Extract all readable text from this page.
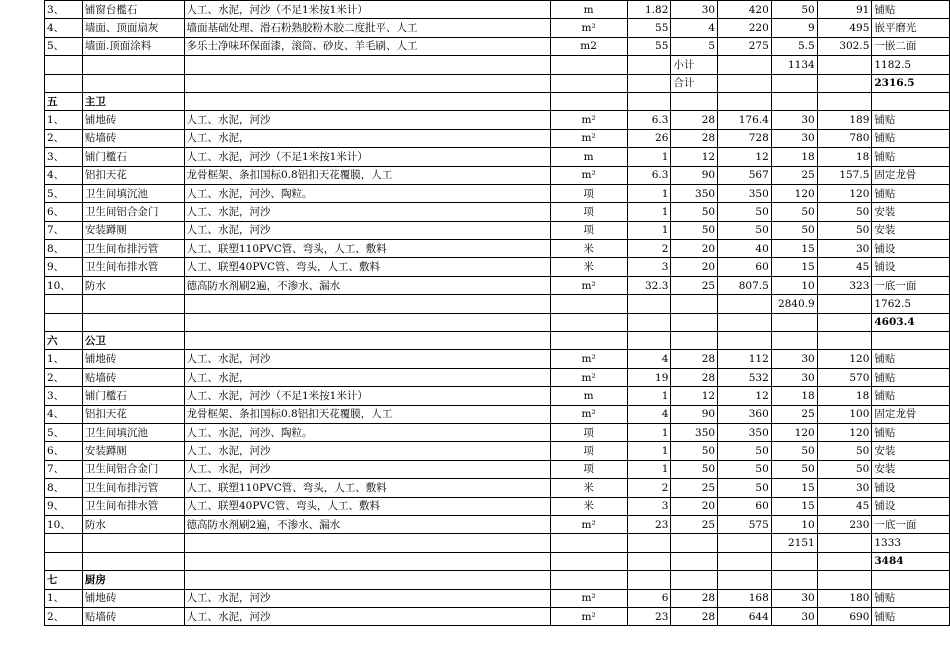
3、	铺窗台檻石	人工、水泥，河沙（不足1米按1米计）	m	1.82	30	420	50	91	铺贴
4、	墙面、顶面扇灰	墙面基础处理、滑石粉熟胶粉木胶二度批平、人工	m²	55	4	220	9	495	嵌平磨光
5、	墙面.顶面涂料	多乐士净味环保面漆，滚筒、砂皮、羊毛刷、人工	m2	55	5	275	5.5	302.5	一嵌二面
					小计		1134		1182.5
					合计				2316.5
五	主卫								
1、	铺地砖	人工、水泥，河沙	m²	6.3	28	176.4	30	189	铺贴
2、	贴墙砖	人工、水泥，	m²	26	28	728	30	780	铺贴
3、	铺门檻石	人工、水泥，河沙（不足1米按1米计）	m	1	12	12	18	18	铺贴
4、	铝扣天花	龙骨框架、条扣国标0.8铝扣天花覆膜，人工	m²	6.3	90	567	25	157.5	固定龙骨
5、	卫生间填沉池	人工、水泥，河沙、陶粒。	项	1	350	350	120	120	铺贴
6、	卫生间铝合金门	人工、水泥，河沙	项	1	50	50	50	50	安装
7、	安装蹲厕	人工、水泥，河沙	项	1	50	50	50	50	安装
8、	卫生间布排污管	人工、联塑110PVC管、弯头，人工、敷料	米	2	20	40	15	30	铺设
9、	卫生间布排水管	人工、联塑40PVC管、弯头，人工、敷料	米	3	20	60	15	45	铺设
10、	防水	德高防水剂刷2遍，不渗水、漏水	m²	32.3	25	807.5	10	323	一底一面
							2840.9		1762.5
									4603.4
六	公卫								
1、	铺地砖	人工、水泥，河沙	m²	4	28	112	30	120	铺贴
2、	贴墙砖	人工、水泥，	m²	19	28	532	30	570	铺贴
3、	铺门檻石	人工、水泥，河沙（不足1米按1米计）	m	1	12	12	18	18	铺贴
4、	铝扣天花	龙骨框架、条扣国标0.8铝扣天花覆膜，人工	m²	4	90	360	25	100	固定龙骨
5、	卫生间填沉池	人工、水泥，河沙、陶粒。	项	1	350	350	120	120	铺贴
6、	安装蹲厕	人工、水泥，河沙	项	1	50	50	50	50	安装
7、	卫生间铝合金门	人工、水泥，河沙	项	1	50	50	50	50	安装
8、	卫生间布排污管	人工、联塑110PVC管、弯头，人工、敷料	米	2	25	50	15	30	铺设
9、	卫生间布排水管	人工、联塑40PVC管、弯头，人工、敷料	米	3	20	60	15	45	铺设
10、	防水	德高防水剂刷2遍，不渗水、漏水	m²	23	25	575	10	230	一底一面
							2151		1333
									3484
七	厨房								
1、	铺地砖	人工、水泥，河沙	m²	6	28	168	30	180	铺贴
2、	贴墙砖	人工、水泥，河沙	m²	23	28	644	30	690	铺贴
